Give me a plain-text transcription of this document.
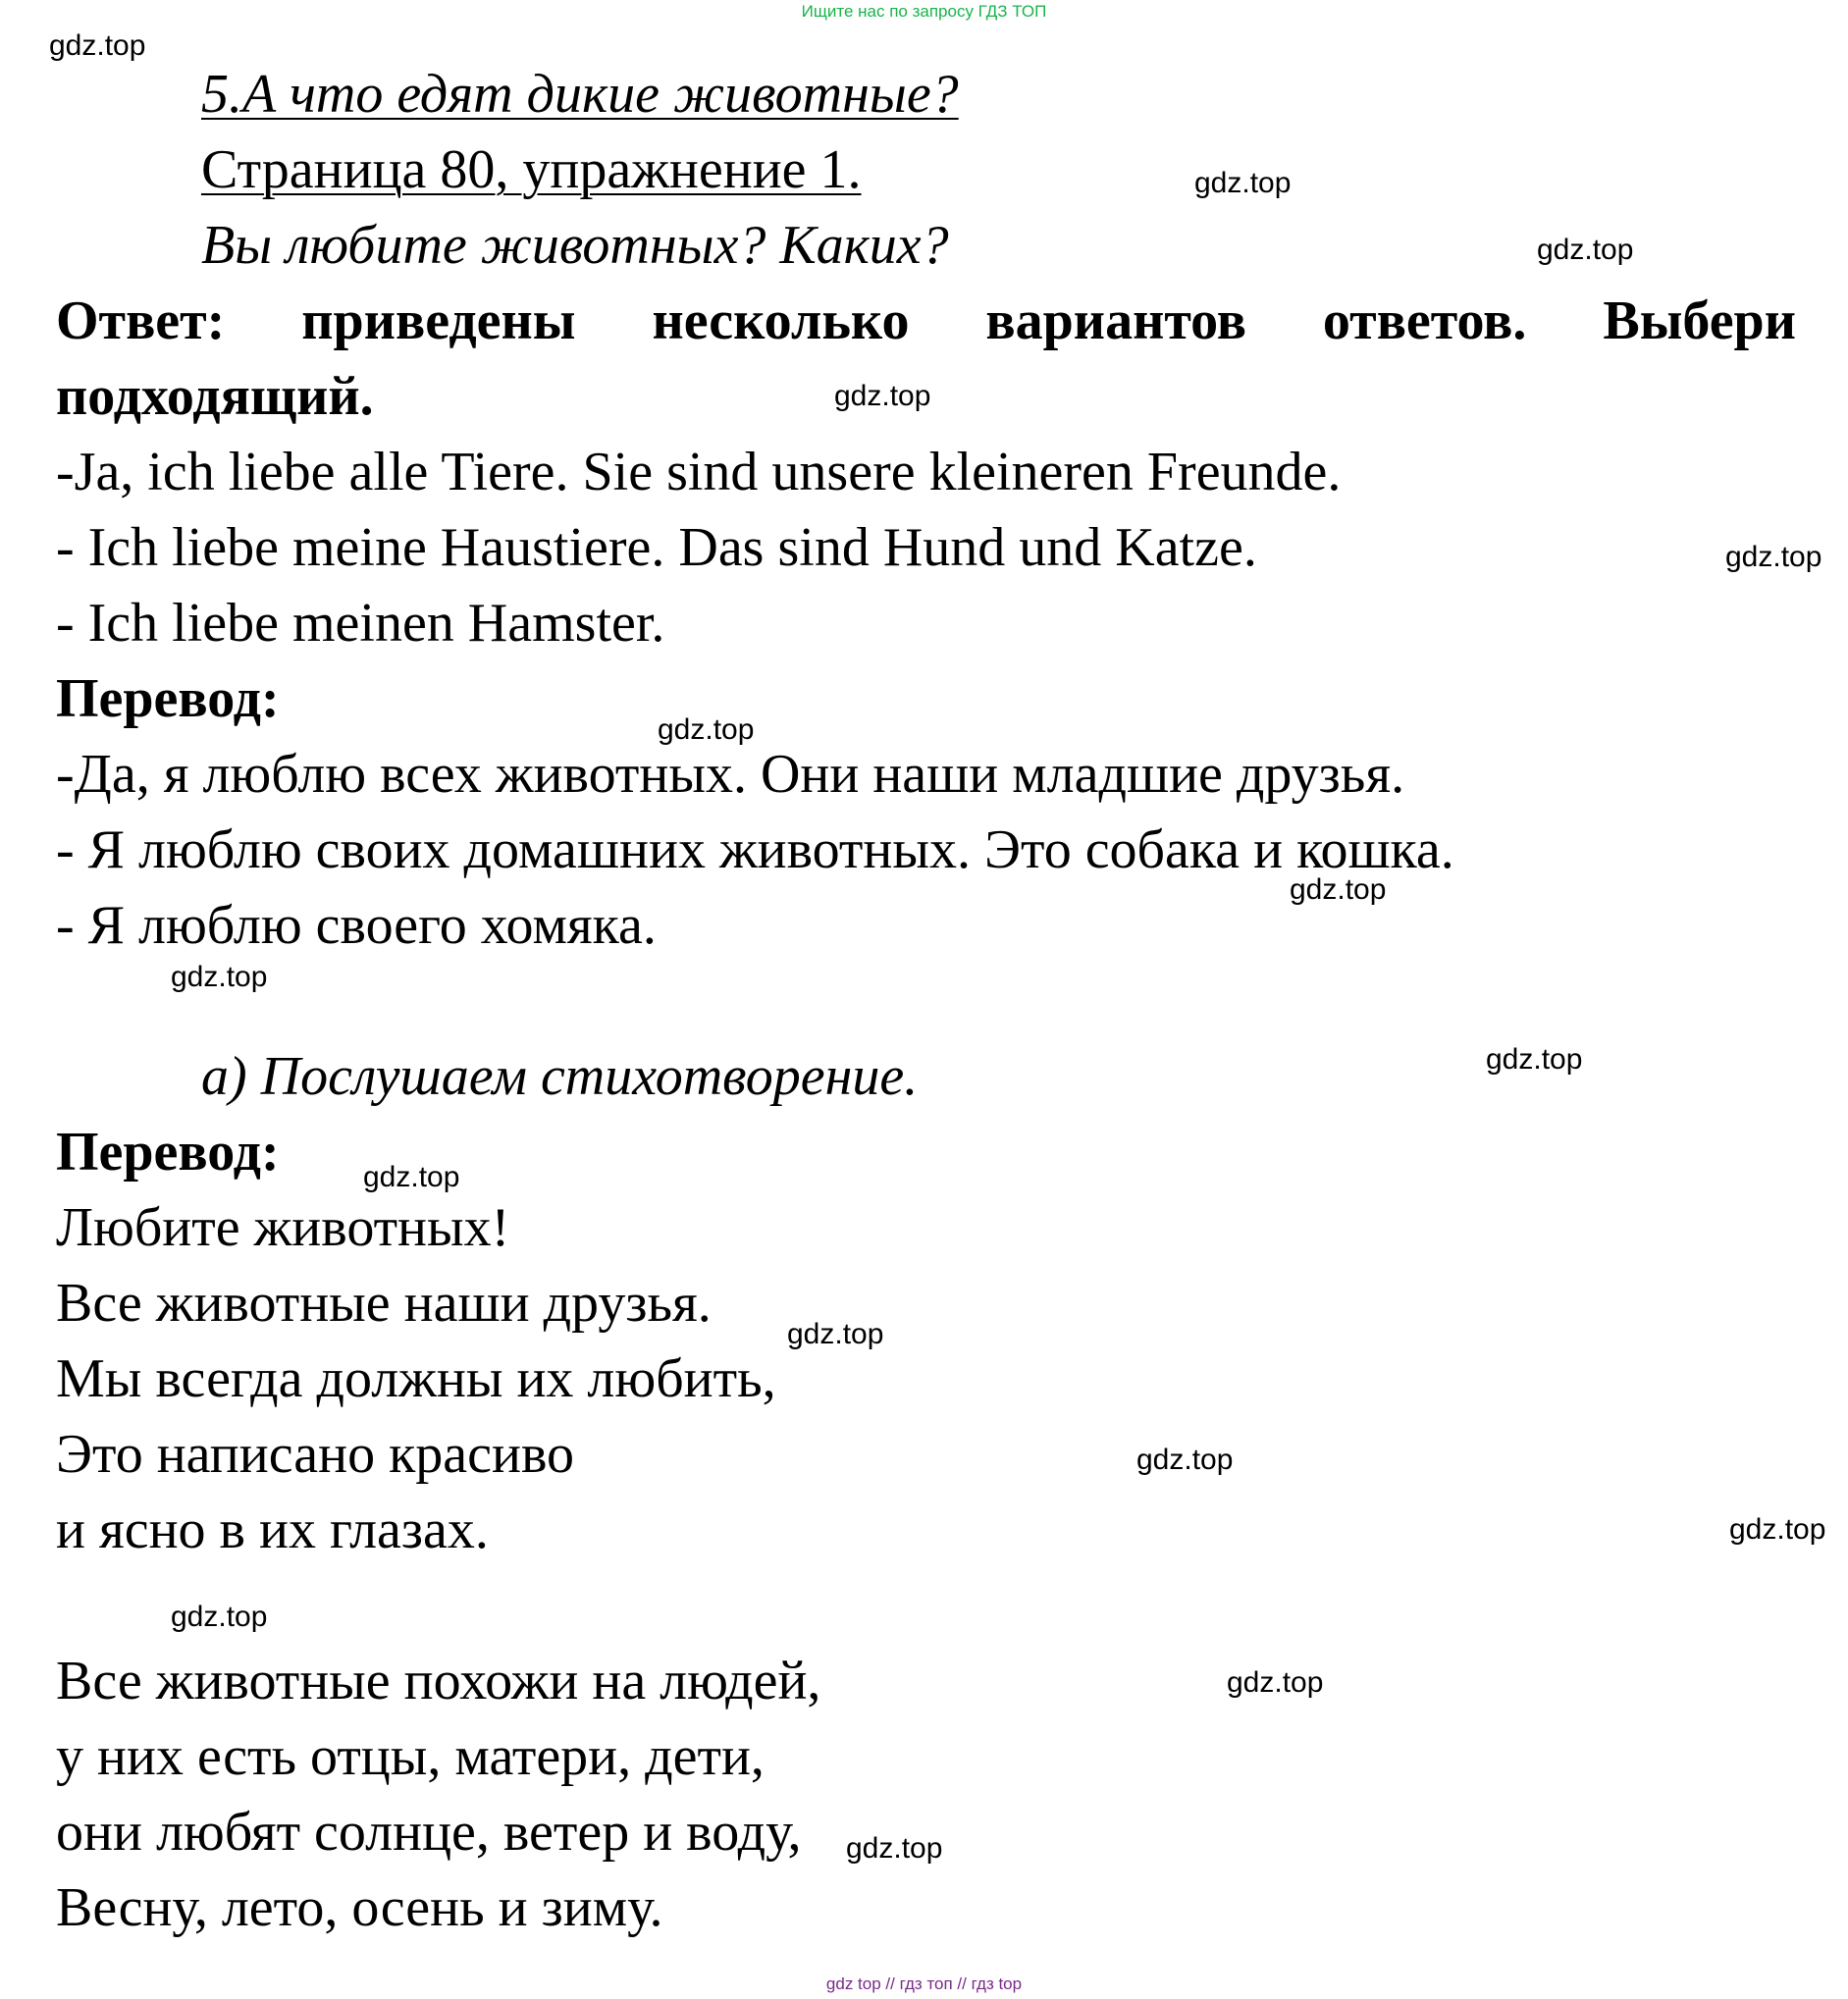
Ищите нас по запросу ГДЗ ТОП
5.А что едят дикие животные?
Страница 80, упражнение 1.
Вы любите животных? Каких?
Ответ: приведены несколько вариантов ответов. Выбери
подходящий.
-Ja, ich liebe alle Tiere. Sie sind unsere kleineren Freunde.
- Ich liebe meine Haustiere. Das sind Hund und Katze.
- Ich liebe meinen Hamster.
Перевод:
-Да, я люблю всех животных. Они наши младшие друзья.
- Я люблю своих домашних животных. Это собака и кошка.
- Я люблю своего хомяка.
а) Послушаем стихотворение.
Перевод:
Любите животных!
Все животные наши друзья.
Мы всегда должны их любить,
Это написано красиво
и ясно в их глазах.
Все животные похожи на людей,
у них есть отцы, матери, дети,
они любят солнце, ветер и воду,
Весну, лето, осень и зиму.
gdz.top
gdz.top
gdz.top
gdz.top
gdz.top
gdz.top
gdz.top
gdz.top
gdz.top
gdz.top
gdz.top
gdz.top
gdz.top
gdz.top
gdz.top
gdz.top
gdz top // гдз топ // гдз top
